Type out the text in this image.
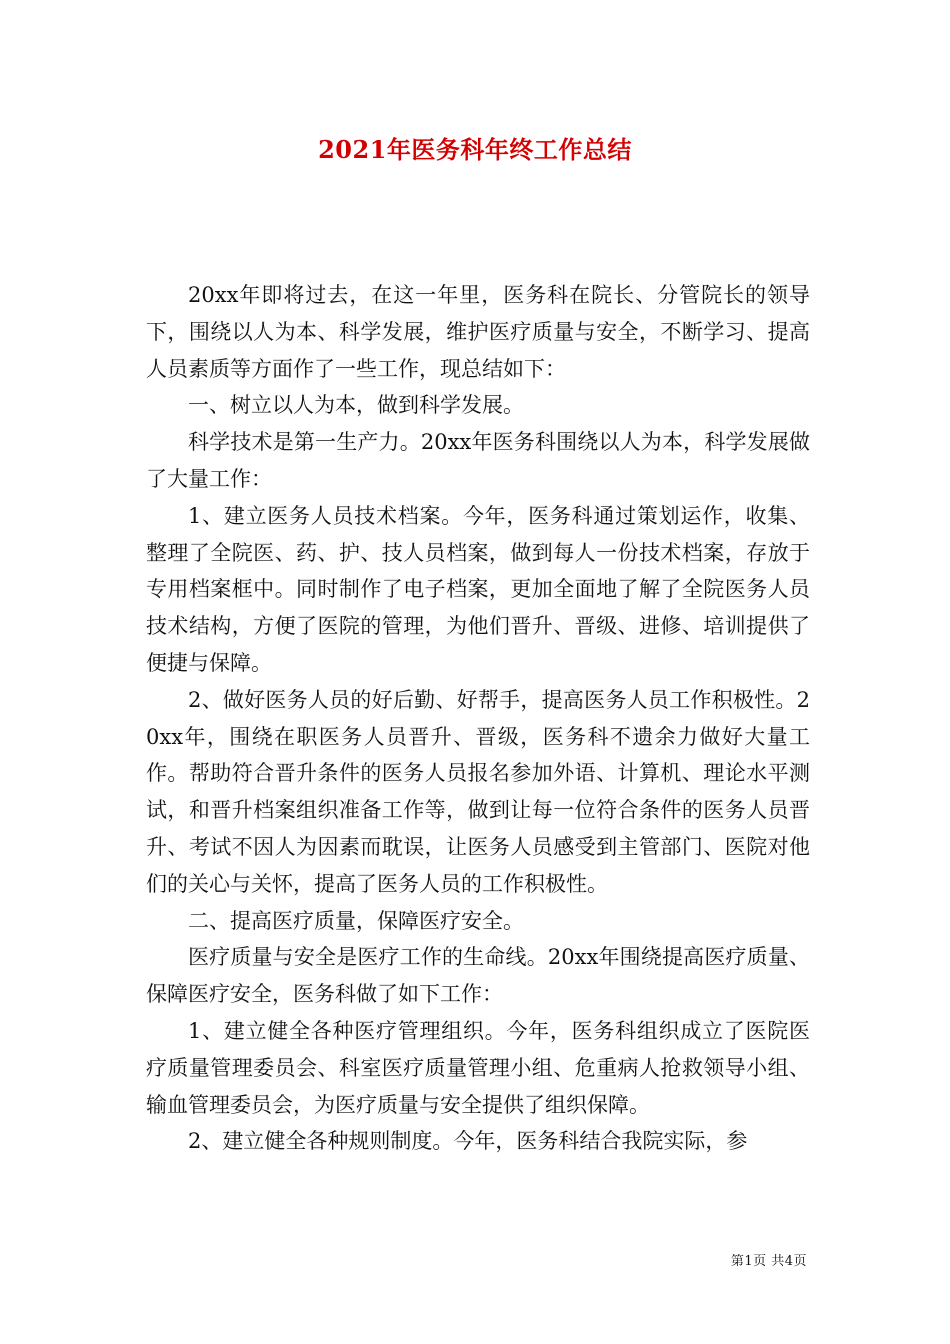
2021年医务科年终工作总结

20xx年即将过去，在这一年里，医务科在院长、分管院长的领导下，围绕以人为本、科学发展，维护医疗质量与安全，不断学习、提高人员素质等方面作了一些工作，现总结如下：

一、树立以人为本，做到科学发展。

科学技术是第一生产力。20xx年医务科围绕以人为本，科学发展做了大量工作：

1、建立医务人员技术档案。今年，医务科通过策划运作，收集、整理了全院医、药、护、技人员档案，做到每人一份技术档案，存放于专用档案框中。同时制作了电子档案，更加全面地了解了全院医务人员技术结构，方便了医院的管理，为他们晋升、晋级、进修、培训提供了便捷与保障。

2、做好医务人员的好后勤、好帮手，提高医务人员工作积极性。20xx年，围绕在职医务人员晋升、晋级，医务科不遗余力做好大量工作。帮助符合晋升条件的医务人员报名参加外语、计算机、理论水平测试，和晋升档案组织准备工作等，做到让每一位符合条件的医务人员晋升、考试不因人为因素而耽误，让医务人员感受到主管部门、医院对他们的关心与关怀，提高了医务人员的工作积极性。

二、提高医疗质量，保障医疗安全。

医疗质量与安全是医疗工作的生命线。20xx年围绕提高医疗质量、保障医疗安全，医务科做了如下工作：

1、建立健全各种医疗管理组织。今年，医务科组织成立了医院医疗质量管理委员会、科室医疗质量管理小组、危重病人抢救领导小组、输血管理委员会，为医疗质量与安全提供了组织保障。

2、建立健全各种规则制度。今年，医务科结合我院实际，参

第1页 共4页
